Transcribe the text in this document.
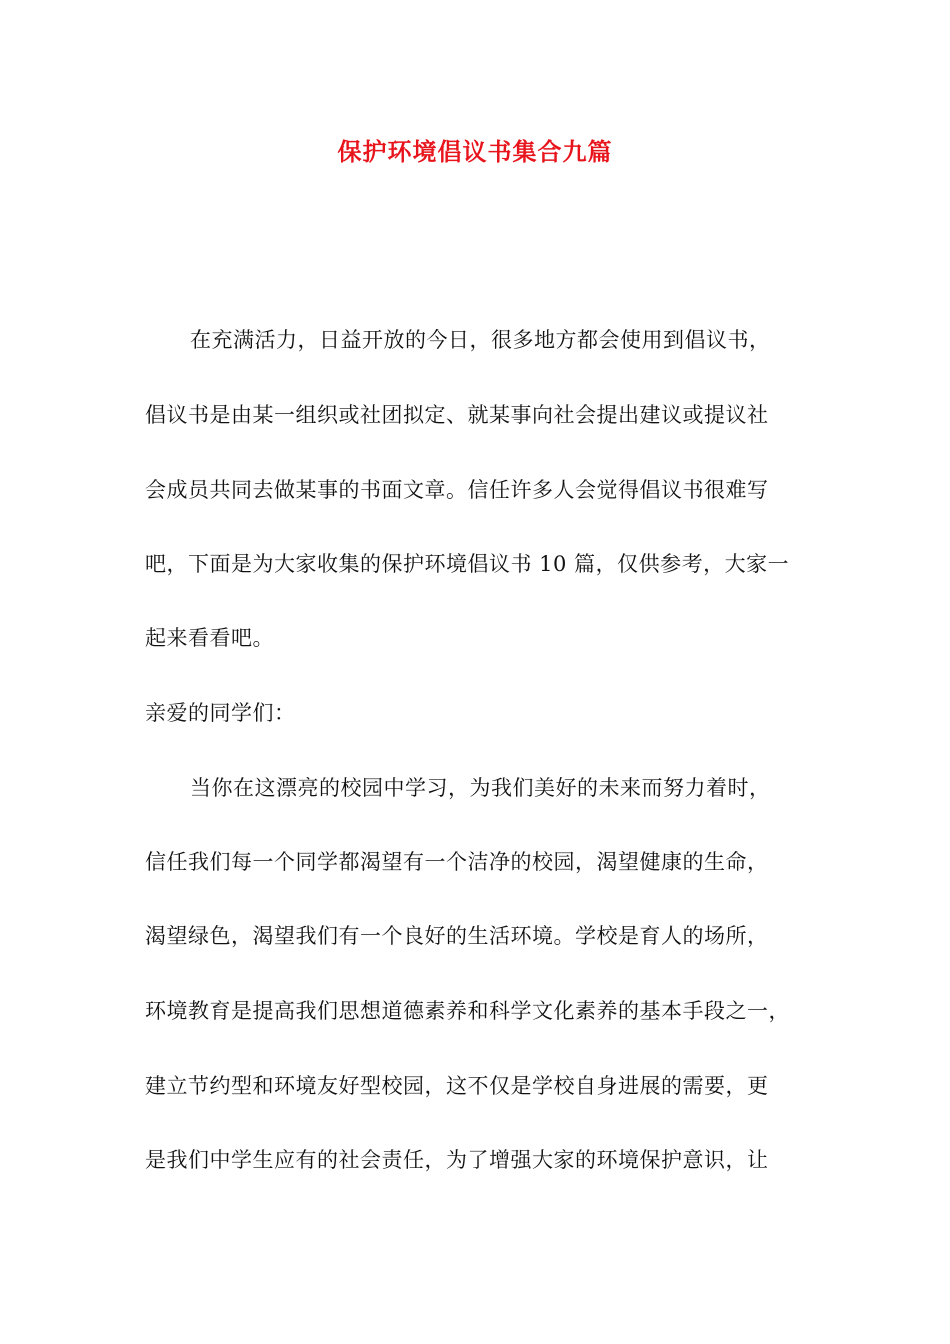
保护环境倡议书集合九篇
在充满活力，日益开放的今日，很多地方都会使用到倡议书，
倡议书是由某一组织或社团拟定、就某事向社会提出建议或提议社
会成员共同去做某事的书面文章。信任许多人会觉得倡议书很难写
吧，下面是为大家收集的保护环境倡议书 10 篇，仅供参考，大家一
起来看看吧。
亲爱的同学们：
当你在这漂亮的校园中学习，为我们美好的未来而努力着时，
信任我们每一个同学都渴望有一个洁净的校园，渴望健康的生命，
渴望绿色，渴望我们有一个良好的生活环境。学校是育人的场所，
环境教育是提高我们思想道德素养和科学文化素养的基本手段之一，
建立节约型和环境友好型校园，这不仅是学校自身进展的需要，更
是我们中学生应有的社会责任，为了增强大家的环境保护意识，让
